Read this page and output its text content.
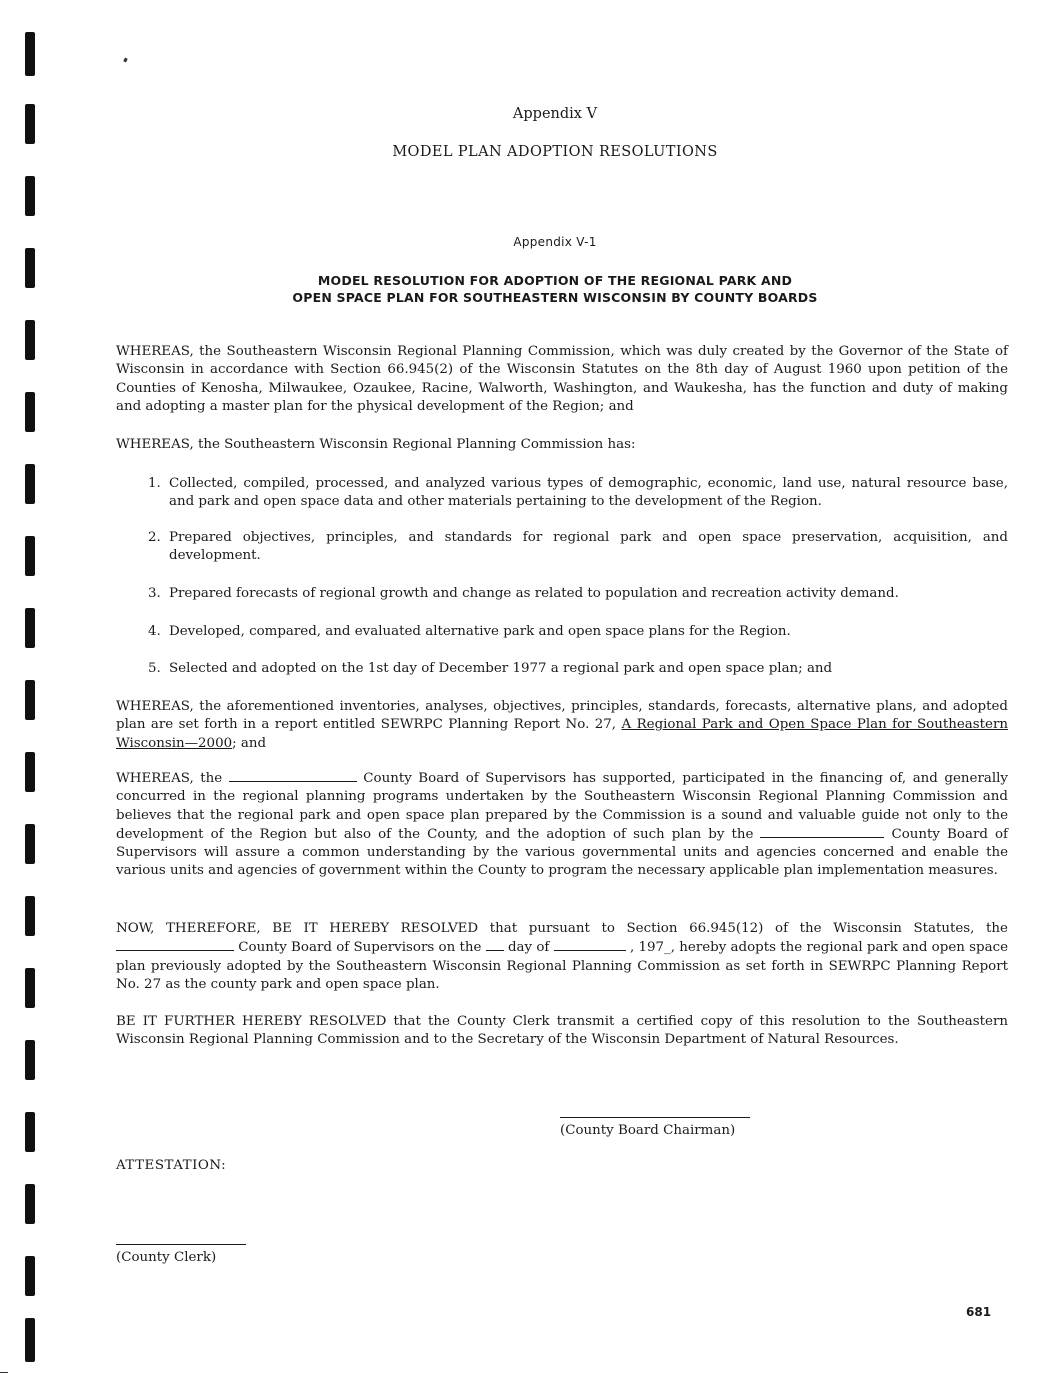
Appendix V
MODEL PLAN ADOPTION RESOLUTIONS
Appendix V-1
MODEL RESOLUTION FOR ADOPTION OF THE REGIONAL PARK AND
OPEN SPACE PLAN FOR SOUTHEASTERN WISCONSIN BY COUNTY BOARDS

WHEREAS, the Southeastern Wisconsin Regional Planning Commission, which was duly created by the Governor of the State of Wisconsin in accordance with Section 66.945(2) of the Wisconsin Statutes on the 8th day of August 1960 upon petition of the Counties of Kenosha, Milwaukee, Ozaukee, Racine, Walworth, Washington, and Waukesha, has the function and duty of making and adopting a master plan for the physical development of the Region; and

WHEREAS, the Southeastern Wisconsin Regional Planning Commission has:

1. Collected, compiled, processed, and analyzed various types of demographic, economic, land use, natural resource base, and park and open space data and other materials pertaining to the development of the Region.

2. Prepared objectives, principles, and standards for regional park and open space preservation, acquisition, and development.

3. Prepared forecasts of regional growth and change as related to population and recreation activity demand.

4. Developed, compared, and evaluated alternative park and open space plans for the Region.

5. Selected and adopted on the 1st day of December 1977 a regional park and open space plan; and

WHEREAS, the aforementioned inventories, analyses, objectives, principles, standards, forecasts, alternative plans, and adopted plan are set forth in a report entitled SEWRPC Planning Report No. 27, A Regional Park and Open Space Plan for Southeastern Wisconsin—2000; and

WHEREAS, the	County Board of Supervisors has supported, participated in the financing of, and generally concurred in the regional planning programs undertaken by the Southeastern Wisconsin Regional Planning Commission and believes that the regional park and open space plan prepared by the Commission is a sound and valuable guide not only to the development of the Region but also of the County, and the adoption of such plan by the	County Board of Supervisors will assure a common understanding by the various governmental units and agencies concerned and enable the various units and agencies of government within the County to program the necessary applicable plan implementation measures.

NOW, THEREFORE, BE IT HEREBY RESOLVED that pursuant to Section 66.945(12) of the Wisconsin Statutes, the  County Board of Supervisors on the day of	, 197_, hereby adopts the regional park and open space plan previously adopted by the Southeastern Wisconsin Regional Planning Commission as set forth in SEWRPC Planning Report No. 27 as the county park and open space plan.

BE IT FURTHER HEREBY RESOLVED that the County Clerk transmit a certified copy of this resolution to the Southeastern Wisconsin Regional Planning Commission and to the Secretary of the Wisconsin Department of Natural Resources.

(County Board Chairman)
ATTESTATION:
(County Clerk)
681
